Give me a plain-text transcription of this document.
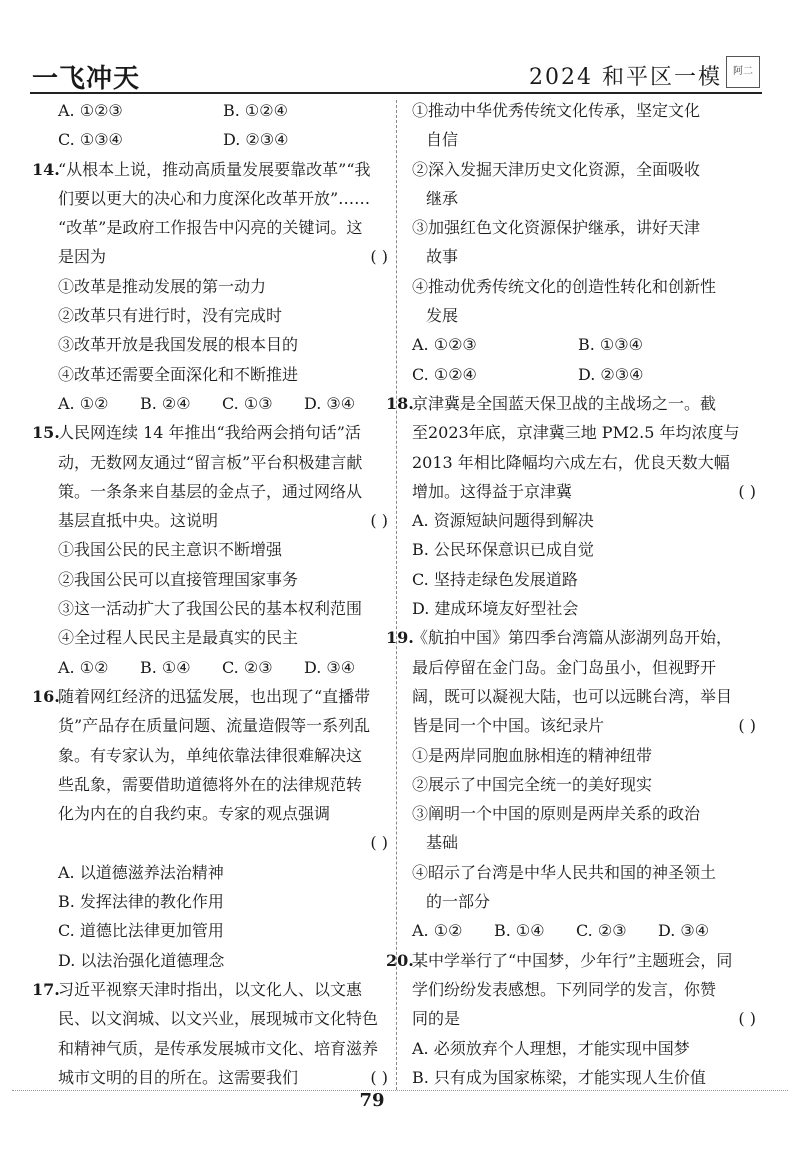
一飞冲天	2024 和平区一模	阿二
A. ①②③	B. ①②④
C. ①③④	D. ②③④
14.“从根本上说，推动高质量发展要靠改革”“我
们要以更大的决心和力度深化改革开放”……
“改革”是政府工作报告中闪亮的关键词。这
是因为	( )
①改革是推动发展的第一动力
②改革只有进行时，没有完成时
③改革开放是我国发展的根本目的
④改革还需要全面深化和不断推进
A. ①②	B. ②④	C. ①③	D. ③④
15.人民网连续 14 年推出“我给两会捎句话”活
动，无数网友通过“留言板”平台积极建言献
策。一条条来自基层的金点子，通过网络从
基层直抵中央。这说明	( )
①我国公民的民主意识不断增强
②我国公民可以直接管理国家事务
③这一活动扩大了我国公民的基本权利范围
④全过程人民民主是最真实的民主
A. ①②	B. ①④	C. ②③	D. ③④
16.随着网红经济的迅猛发展，也出现了“直播带
货”产品存在质量问题、流量造假等一系列乱
象。有专家认为，单纯依靠法律很难解决这
些乱象，需要借助道德将外在的法律规范转
化为内在的自我约束。专家的观点强调
( )
A. 以道德滋养法治精神
B. 发挥法律的教化作用
C. 道德比法律更加管用
D. 以法治强化道德理念
17.习近平视察天津时指出，以文化人、以文惠
民、以文润城、以文兴业，展现城市文化特色
和精神气质，是传承发展城市文化、培育滋养
城市文明的目的所在。这需要我们	( )
①推动中华优秀传统文化传承，坚定文化
自信
②深入发掘天津历史文化资源，全面吸收
继承
③加强红色文化资源保护继承，讲好天津
故事
④推动优秀传统文化的创造性转化和创新性
发展
A. ①②③	B. ①③④
C. ①②④	D. ②③④
18.京津冀是全国蓝天保卫战的主战场之一。截
至2023年底，京津冀三地 PM2.5 年均浓度与
2013 年相比降幅均六成左右，优良天数大幅
增加。这得益于京津冀	( )
A. 资源短缺问题得到解决
B. 公民环保意识已成自觉
C. 坚持走绿色发展道路
D. 建成环境友好型社会
19.《航拍中国》第四季台湾篇从澎湖列岛开始，
最后停留在金门岛。金门岛虽小，但视野开
阔，既可以凝视大陆，也可以远眺台湾，举目
皆是同一个中国。该纪录片	( )
①是两岸同胞血脉相连的精神纽带
②展示了中国完全统一的美好现实
③阐明一个中国的原则是两岸关系的政治
基础
④昭示了台湾是中华人民共和国的神圣领土
的一部分
A. ①②	B. ①④	C. ②③	D. ③④
20.某中学举行了“中国梦，少年行”主题班会，同
学们纷纷发表感想。下列同学的发言，你赞
同的是	( )
A. 必须放弃个人理想，才能实现中国梦
B. 只有成为国家栋梁，才能实现人生价值
79
